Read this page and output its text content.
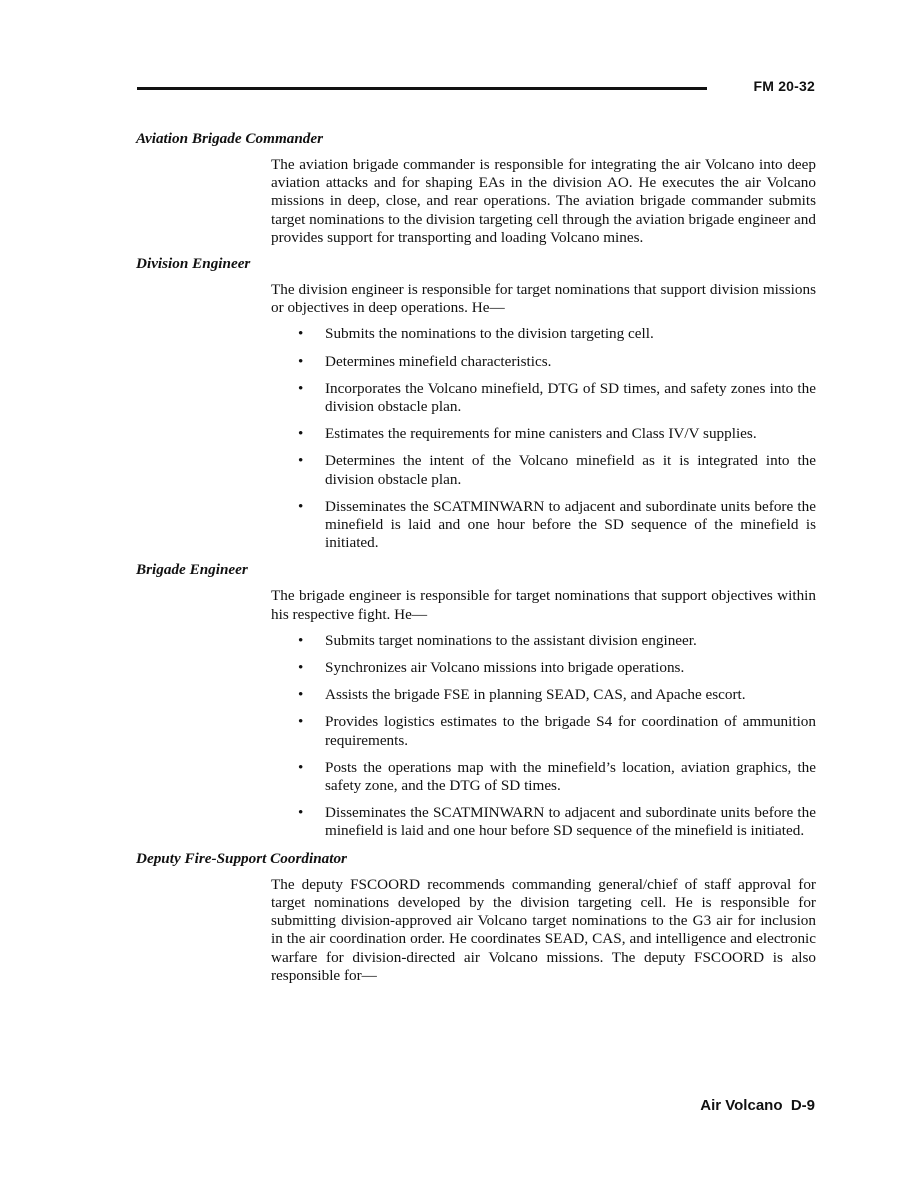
FM 20-32
Aviation Brigade Commander

The aviation brigade commander is responsible for integrating the air Volcano into deep aviation attacks and for shaping EAs in the division AO. He executes the air Volcano missions in deep, close, and rear operations. The aviation brigade commander submits target nominations to the division targeting cell through the aviation brigade engineer and provides support for transporting and loading Volcano mines.

Division Engineer

The division engineer is responsible for target nominations that support division missions or objectives in deep operations. He—

• Submits the nominations to the division targeting cell.
• Determines minefield characteristics.
• Incorporates the Volcano minefield, DTG of SD times, and safety zones into the division obstacle plan.
• Estimates the requirements for mine canisters and Class IV/V supplies.
• Determines the intent of the Volcano minefield as it is integrated into the division obstacle plan.
• Disseminates the SCATMINWARN to adjacent and subordinate units before the minefield is laid and one hour before the SD sequence of the minefield is initiated.
Brigade Engineer

The brigade engineer is responsible for target nominations that support objectives within his respective fight. He—

• Submits target nominations to the assistant division engineer.
• Synchronizes air Volcano missions into brigade operations.
• Assists the brigade FSE in planning SEAD, CAS, and Apache escort.
• Provides logistics estimates to the brigade S4 for coordination of ammunition requirements.
• Posts the operations map with the minefield’s location, aviation graphics, the safety zone, and the DTG of SD times.
• Disseminates the SCATMINWARN to adjacent and subordinate units before the minefield is laid and one hour before SD sequence of the minefield is initiated.
Deputy Fire-Support Coordinator

The deputy FSCOORD recommends commanding general/chief of staff approval for target nominations developed by the division targeting cell. He is responsible for submitting division-approved air Volcano target nominations to the G3 air for inclusion in the air coordination order. He coordinates SEAD, CAS, and intelligence and electronic warfare for division-directed air Volcano missions. The deputy FSCOORD is also responsible for—

Air Volcano  D-9
